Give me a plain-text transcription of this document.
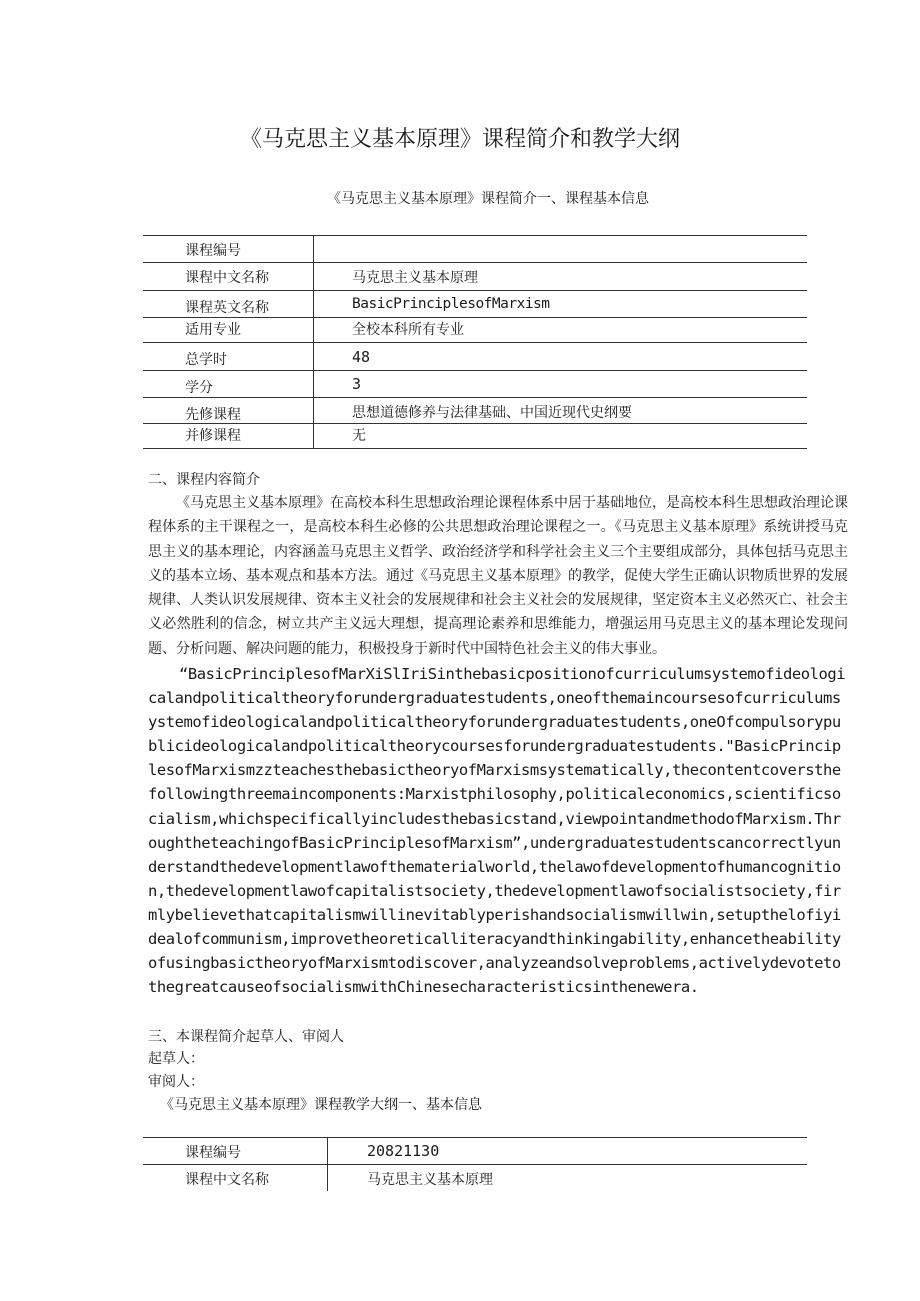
《马克思主义基本原理》课程简介和教学大纲
《马克思主义基本原理》课程简介一、课程基本信息
课程编号
课程中文名称	马克思主义基本原理
课程英文名称	BasicPrinciplesofMarxism
适用专业	全校本科所有专业
总学时	48
学分	3
先修课程	思想道德修养与法律基础、中国近现代史纲要
并修课程	无
二、课程内容简介
《马克思主义基本原理》在高校本科生思想政治理论课程体系中居于基础地位，是高校本科生思想政治理论课程体系的主干课程之一，是高校本科生必修的公共思想政治理论课程之一。《马克思主义基本原理》系统讲授马克思主义的基本理论，内容涵盖马克思主义哲学、政治经济学和科学社会主义三个主要组成部分，具体包括马克思主义的基本立场、基本观点和基本方法。通过《马克思主义基本原理》的教学，促使大学生正确认识物质世界的发展规律、人类认识发展规律、资本主义社会的发展规律和社会主义社会的发展规律，坚定资本主义必然灭亡、社会主义必然胜利的信念，树立共产主义远大理想，提高理论素养和思维能力，增强运用马克思主义的基本理论发现问题、分析问题、解决问题的能力，积极投身于新时代中国特色社会主义的伟大事业。
“BasicPrinciplesofMarXiSlIriSinthebasicpositionofcurriculumsystemofideologicalandpoliticaltheoryforundergraduatestudents,oneofthemaincoursesofcurriculumsystemofideologicalandpoliticaltheoryforundergraduatestudents,oneOfcompulsorypublicideologicalandpoliticaltheorycoursesforundergraduatestudents."BasicPrinciplesofMarxismzzteachesthebasictheoryofMarxismsystematically,thecontentcoversthefollowingthreemaincomponents:Marxistphilosophy,politicaleconomics,scientificsocialism,whichspecificallyincludesthebasicstand,viewpointandmethodofMarxism.ThroughtheteachingofBasicPrinciplesofMarxism”,undergraduatestudentscancorrectlyunderstandthedevelopmentlawofthematerialworld,thelawofdevelopmentofhumancognition,thedevelopmentlawofcapitalistsociety,thedevelopmentlawofsocialistsociety,firmlybelievethatcapitalismwillinevitablyperishandsocialismwillwin,setupthelofiyidealofcommunism,improvetheoreticalliteracyandthinkingability,enhancetheabilityofusingbasictheoryofMarxismtodiscover,analyzeandsolveproblems,activelydevotetothegreatcauseofsocialismwithChinesecharacteristicsinthenewera.
三、本课程简介起草人、审阅人
起草人：
审阅人：
《马克思主义基本原理》课程教学大纲一、基本信息
课程编号	20821130
课程中文名称	马克思主义基本原理
